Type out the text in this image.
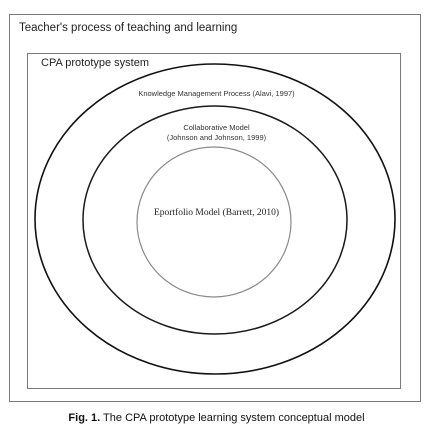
Teacher's process of teaching and learning
CPA prototype system
Knowledge Management Process (Alavi, 1997)
Collaborative Model
(Johnson and Johnson, 1999)
Eportfolio Model (Barrett, 2010)
Fig. 1. The CPA prototype learning system conceptual model
